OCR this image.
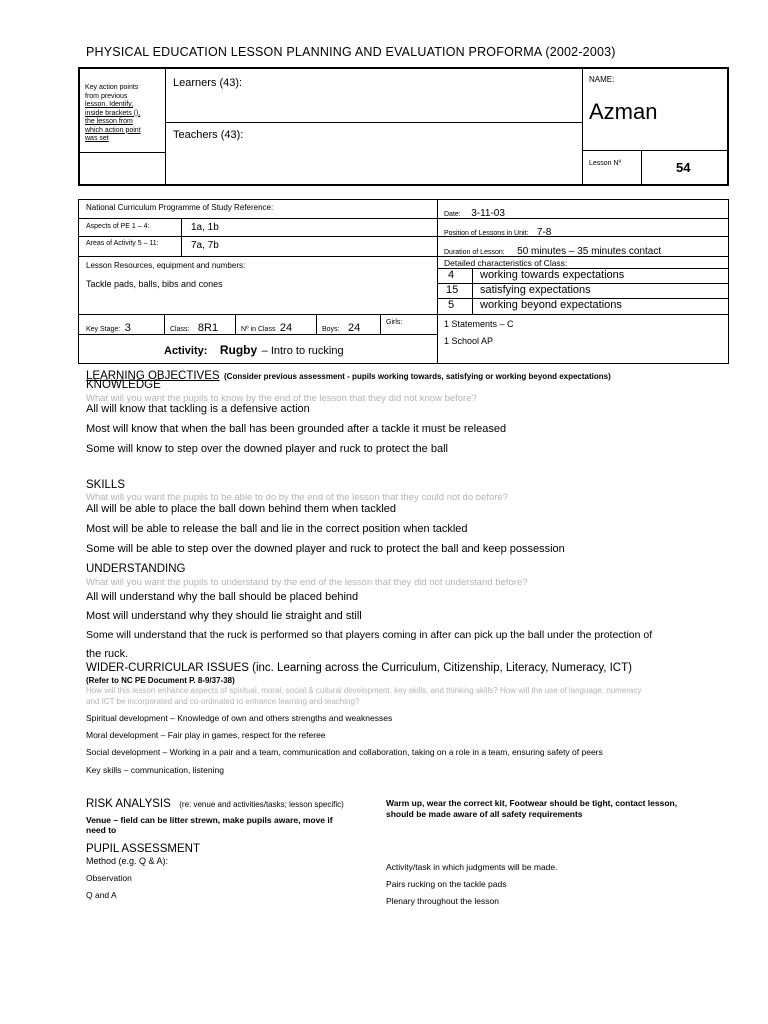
PHYSICAL EDUCATION LESSON PLANNING AND EVALUATION PROFORMA (2002-2003)
Key action points
from previous
lesson. Identify,
inside brackets (),
the lesson from
which action point
was set
Learners (43):
Teachers (43):
NAME:
Azman
Lesson Nº	54
National Curriculum Programme of Study Reference:
Date: 3-11-03
Aspects of PE 1 – 4:	1a, 1b
Position of Lessons in Unit: 7-8
Areas of Activity 5 – 11:	7a, 7b
Duration of Lesson: 50 minutes – 35 minutes contact
Lesson Resources, equipment and numbers:
Tackle pads, balls, bibs and cones
Detailed characteristics of Class:
4 working towards expectations
15 satisfying expectations
5 working beyond expectations
Key Stage: 3	Class: 8R1	Nº in Class 24	Boys: 24	Girls:	1 Statements – C
1 School AP
Activity: Rugby – Intro to rucking
LEARNING OBJECTIVES (Consider previous assessment - pupils working towards, satisfying or working beyond expectations)
KNOWLEDGE
What will you want the pupils to know by the end of the lesson that they did not know before?
All will know that tackling is a defensive action
Most will know that when the ball has been grounded after a tackle it must be released
Some will know to step over the downed player and ruck to protect the ball
SKILLS
What will you want the pupils to be able to do by the end of the lesson that they could not do before?
All will be able to place the ball down behind them when tackled
Most will be able to release the ball and lie in the correct position when tackled
Some will be able to step over the downed player and ruck to protect the ball and keep possession
UNDERSTANDING
What will you want the pupils to understand by the end of the lesson that they did not understand before?
All will understand why the ball should be placed behind
Most will understand why they should lie straight and still
Some will understand that the ruck is performed so that players coming in after can pick up the ball under the protection of
the ruck.
WIDER-CURRICULAR ISSUES (inc. Learning across the Curriculum, Citizenship, Literacy, Numeracy, ICT)
(Refer to NC PE Document P. 8-9/37-38)
How will this lesson enhance aspects of spiritual, moral, social & cultural development, key skills, and thinking skills? How will the use of language, numeracy
and ICT be incorporated and co-ordinated to enhance learning and teaching?
Spiritual development – Knowledge of own and others strengths and weaknesses
Moral development – Fair play in games, respect for the referee
Social development – Working in a pair and a team, communication and collaboration, taking on a role in a team, ensuring safety of peers
Key skills – communication, listening
RISK ANALYSIS (re: venue and activities/tasks; lesson specific)
Venue – field can be litter strewn, make pupils aware, move if
need to
Warm up, wear the correct kit, Footwear should be tight, contact lesson,
should be made aware of all safety requirements
PUPIL ASSESSMENT
Method (e.g. Q & A):
Observation
Q and A
Activity/task in which judgments will be made.
Pairs rucking on the tackle pads
Plenary throughout the lesson
